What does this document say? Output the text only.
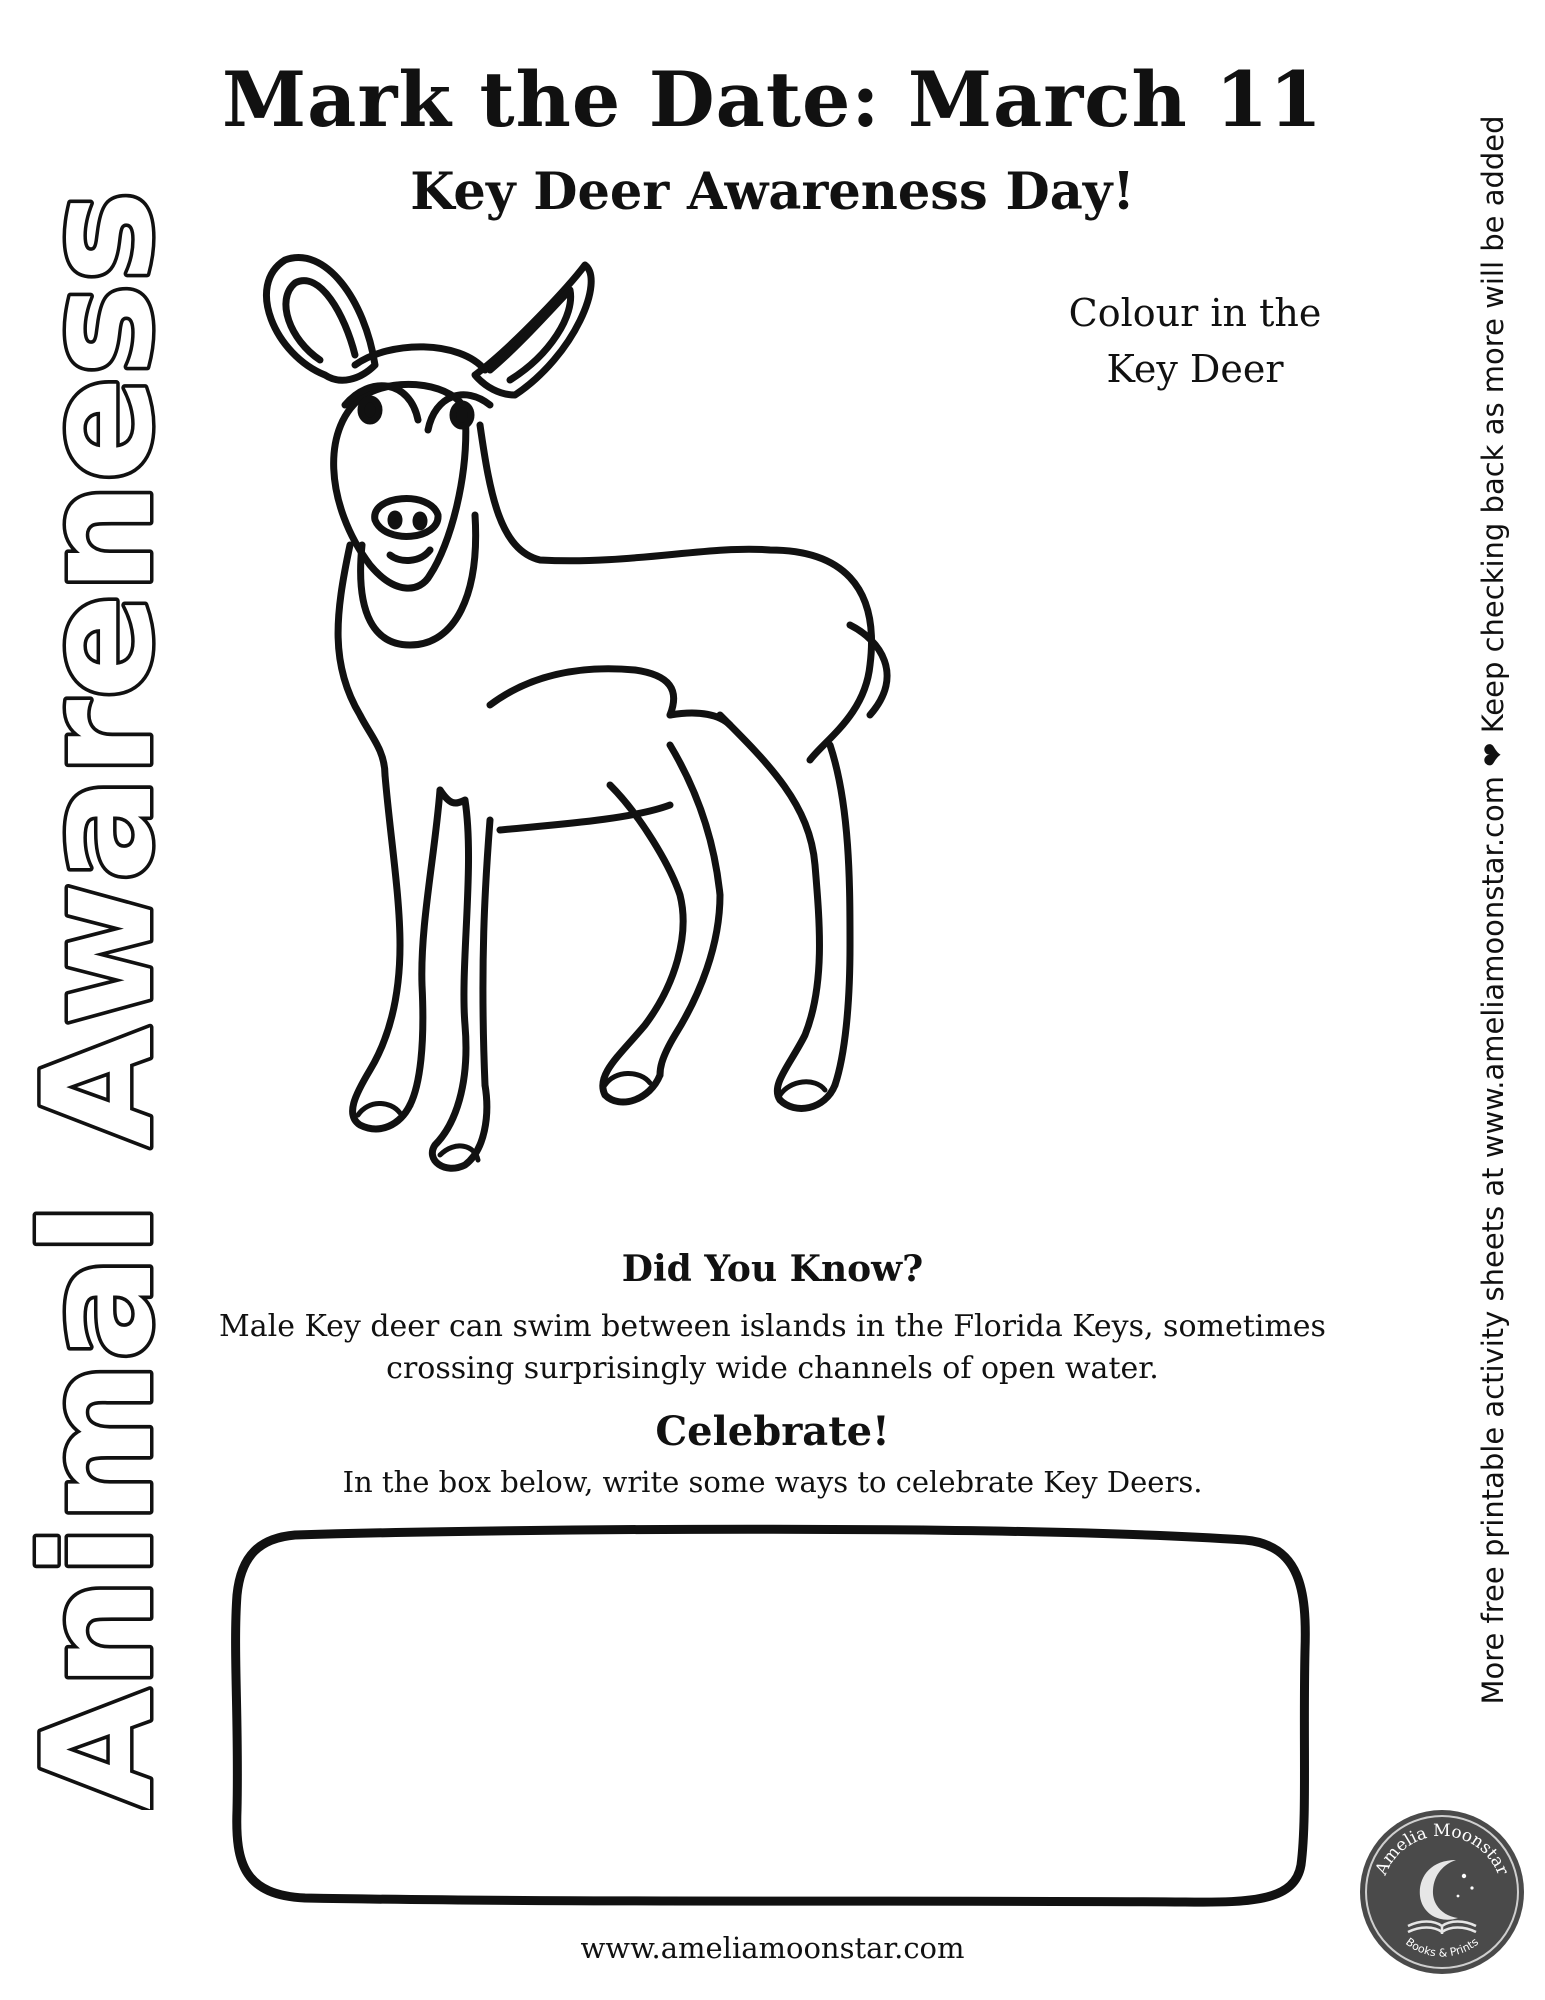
Mark the Date: March 11
Key Deer Awareness Day!
Colour in the
Key Deer
Animal Awareness	More free printable activity sheets at www.ameliamoonstar.com ❤ Keep checking back as more will be added
Did You Know?
Male Key deer can swim between islands in the Florida Keys, sometimes
crossing surprisingly wide channels of open water.
Celebrate!
In the box below, write some ways to celebrate Key Deers.
www.ameliamoonstar.com
Amelia Moonstar
Books & Prints
